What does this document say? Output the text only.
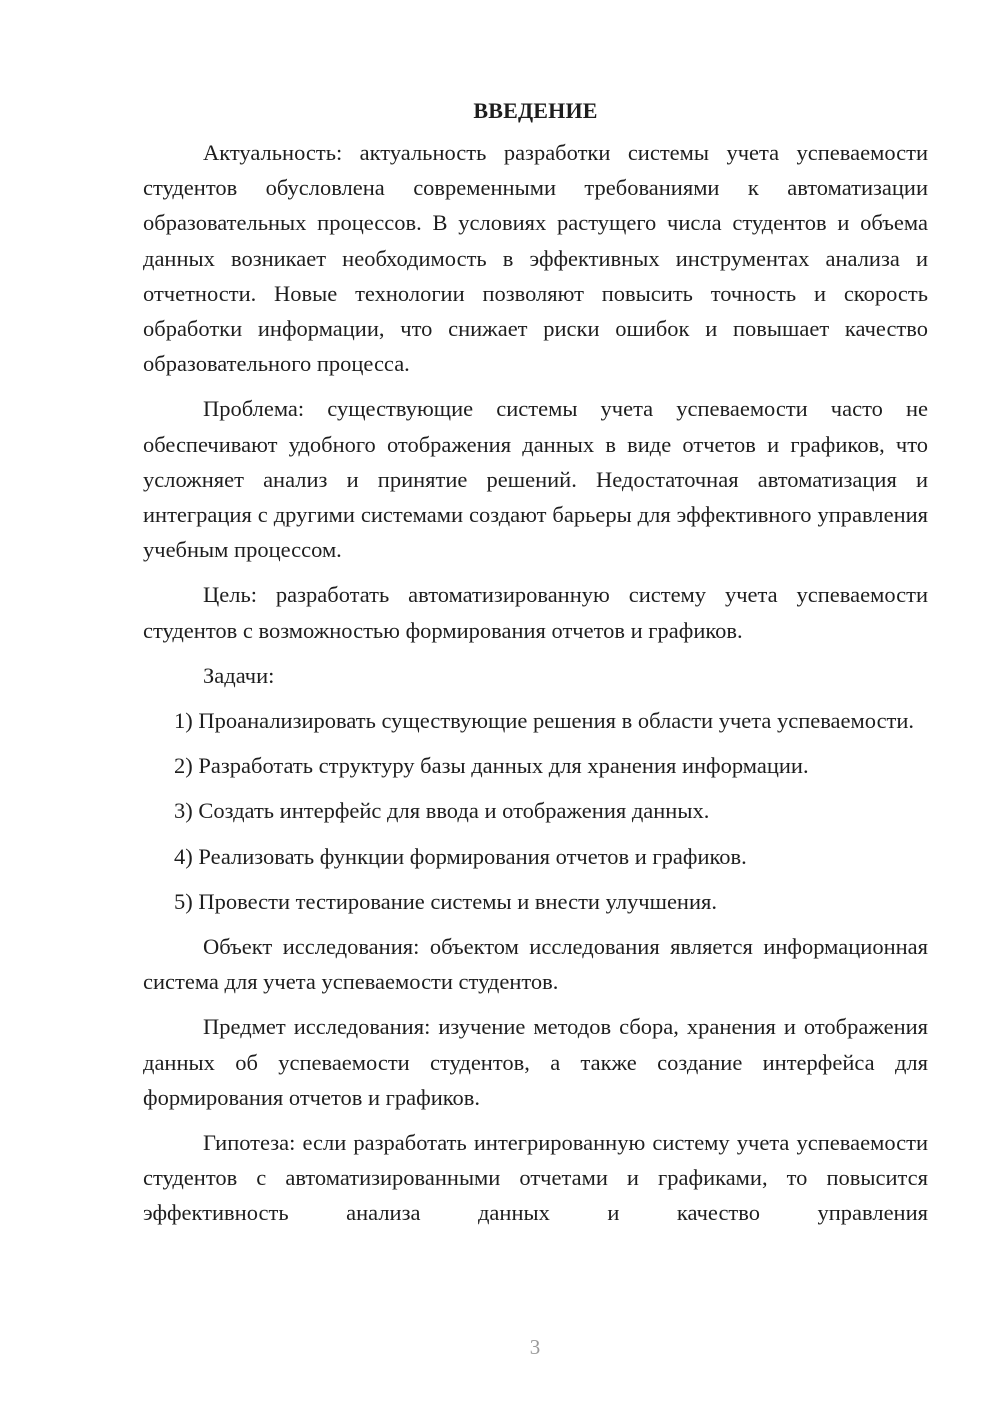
ВВЕДЕНИЕ

Актуальность: актуальность разработки системы учета успеваемости студентов обусловлена современными требованиями к автоматизации образовательных процессов. В условиях растущего числа студентов и объема данных возникает необходимость в эффективных инструментах анализа и отчетности. Новые технологии позволяют повысить точность и скорость обработки информации, что снижает риски ошибок и повышает качество образовательного процесса.

Проблема: существующие системы учета успеваемости часто не обеспечивают удобного отображения данных в виде отчетов и графиков, что усложняет анализ и принятие решений. Недостаточная автоматизация и интеграция с другими системами создают барьеры для эффективного управления учебным процессом.

Цель: разработать автоматизированную систему учета успеваемости студентов с возможностью формирования отчетов и графиков.

Задачи:

1) Проанализировать существующие решения в области учета успеваемости.

2) Разработать структуру базы данных для хранения информации.

3) Создать интерфейс для ввода и отображения данных.

4) Реализовать функции формирования отчетов и графиков.

5) Провести тестирование системы и внести улучшения.

Объект исследования: объектом исследования является информационная система для учета успеваемости студентов.

Предмет исследования: изучение методов сбора, хранения и отображения данных об успеваемости студентов, а также создание интерфейса для формирования отчетов и графиков.

Гипотеза: если разработать интегрированную систему учета успеваемости студентов с автоматизированными отчетами и графиками, то повысится эффективность анализа данных и качество управления

3
